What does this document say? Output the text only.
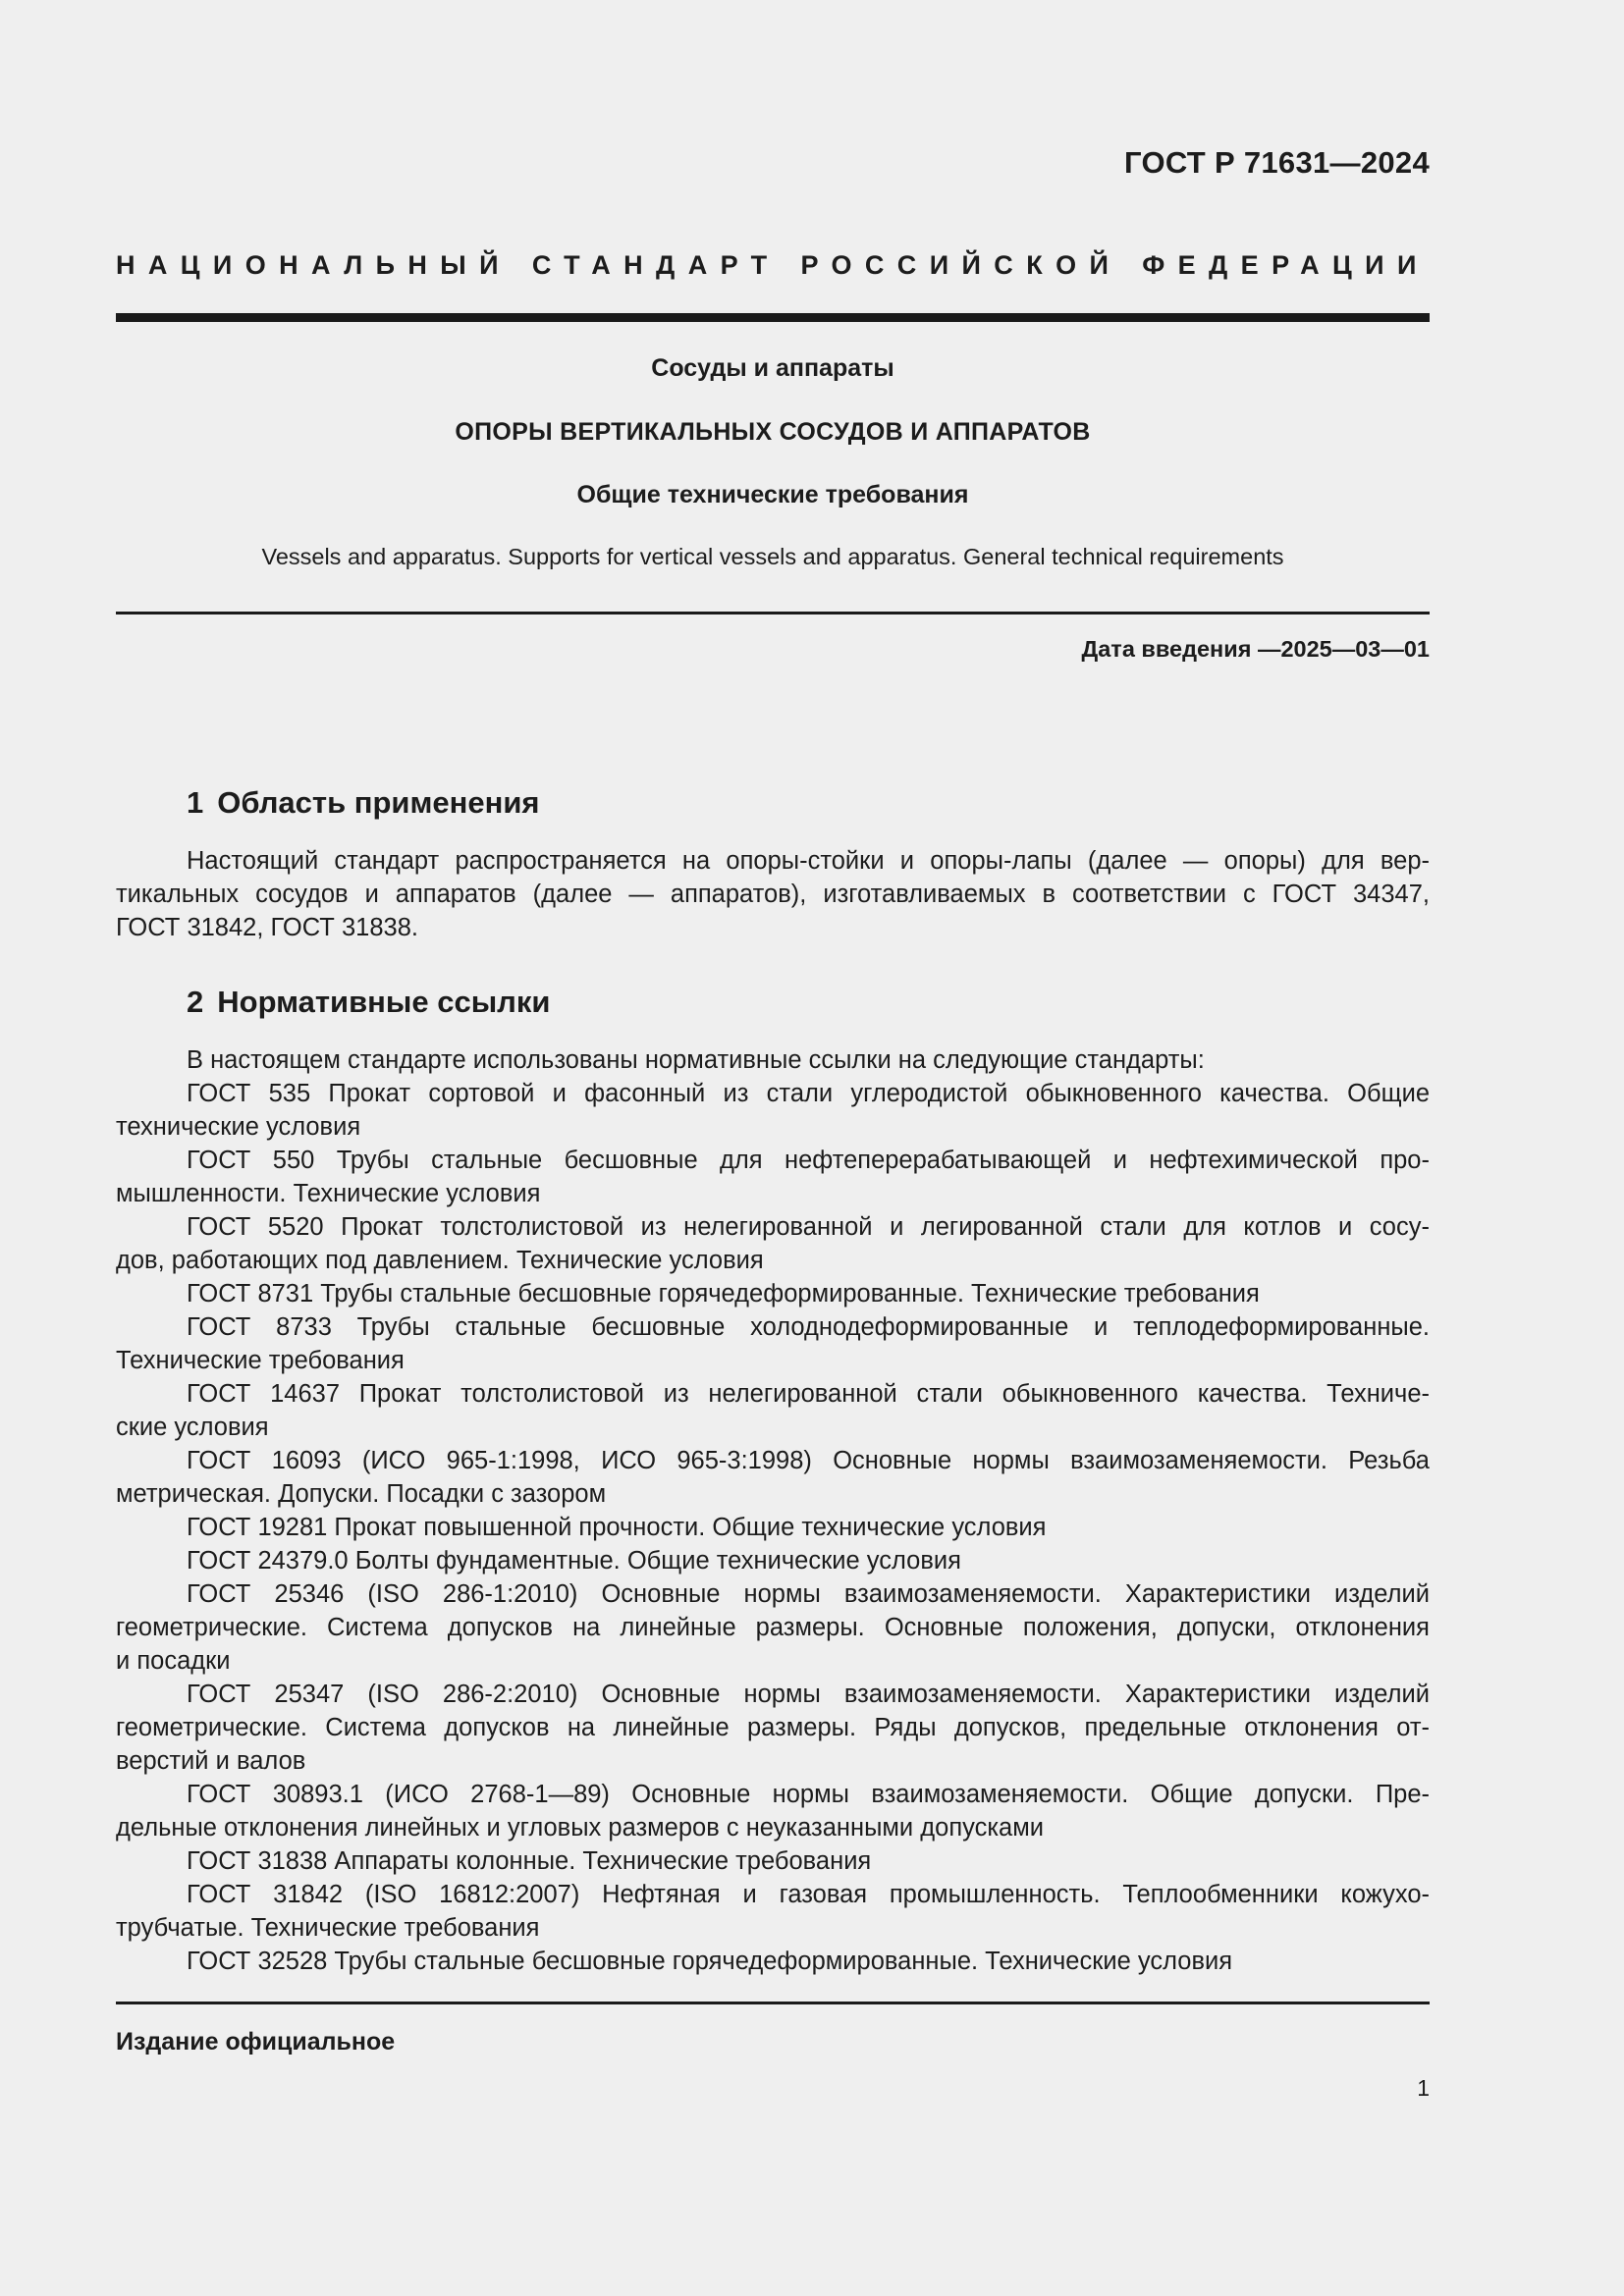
ГОСТ Р 71631—2024
НАЦИОНАЛЬНЫЙ СТАНДАРТ РОССИЙСКОЙ ФЕДЕРАЦИИ
Сосуды и аппараты
ОПОРЫ ВЕРТИКАЛЬНЫХ СОСУДОВ И АППАРАТОВ
Общие технические требования
Vessels and apparatus. Supports for vertical vessels and apparatus. General technical requirements
Дата введения —2025—03—01
1 Область применения
Настоящий стандарт распространяется на опоры-стойки и опоры-лапы (далее — опоры) для вер-
тикальных сосудов и аппаратов (далее — аппаратов), изготавливаемых в соответствии с ГОСТ 34347,
ГОСТ 31842, ГОСТ 31838.
2 Нормативные ссылки
В настоящем стандарте использованы нормативные ссылки на следующие стандарты:
ГОСТ 535 Прокат сортовой и фасонный из стали углеродистой обыкновенного качества. Общие
технические условия
ГОСТ 550 Трубы стальные бесшовные для нефтеперерабатывающей и нефтехимической про-
мышленности. Технические условия
ГОСТ 5520 Прокат толстолистовой из нелегированной и легированной стали для котлов и сосу-
дов, работающих под давлением. Технические условия
ГОСТ 8731 Трубы стальные бесшовные горячедеформированные. Технические требования
ГОСТ 8733 Трубы стальные бесшовные холоднодеформированные и теплодеформированные.
Технические требования
ГОСТ 14637 Прокат толстолистовой из нелегированной стали обыкновенного качества. Техниче-
ские условия
ГОСТ 16093 (ИСО 965-1:1998, ИСО 965-3:1998) Основные нормы взаимозаменяемости. Резьба
метрическая. Допуски. Посадки с зазором
ГОСТ 19281 Прокат повышенной прочности. Общие технические условия
ГОСТ 24379.0 Болты фундаментные. Общие технические условия
ГОСТ 25346 (ISO 286-1:2010) Основные нормы взаимозаменяемости. Характеристики изделий
геометрические. Система допусков на линейные размеры. Основные положения, допуски, отклонения
и посадки
ГОСТ 25347 (ISO 286-2:2010) Основные нормы взаимозаменяемости. Характеристики изделий
геометрические. Система допусков на линейные размеры. Ряды допусков, предельные отклонения от-
верстий и валов
ГОСТ 30893.1 (ИСО 2768-1—89) Основные нормы взаимозаменяемости. Общие допуски. Пре-
дельные отклонения линейных и угловых размеров с неуказанными допусками
ГОСТ 31838 Аппараты колонные. Технические требования
ГОСТ 31842 (ISO 16812:2007) Нефтяная и газовая промышленность. Теплообменники кожухо-
трубчатые. Технические требования
ГОСТ 32528 Трубы стальные бесшовные горячедеформированные. Технические условия
Издание официальное
1
